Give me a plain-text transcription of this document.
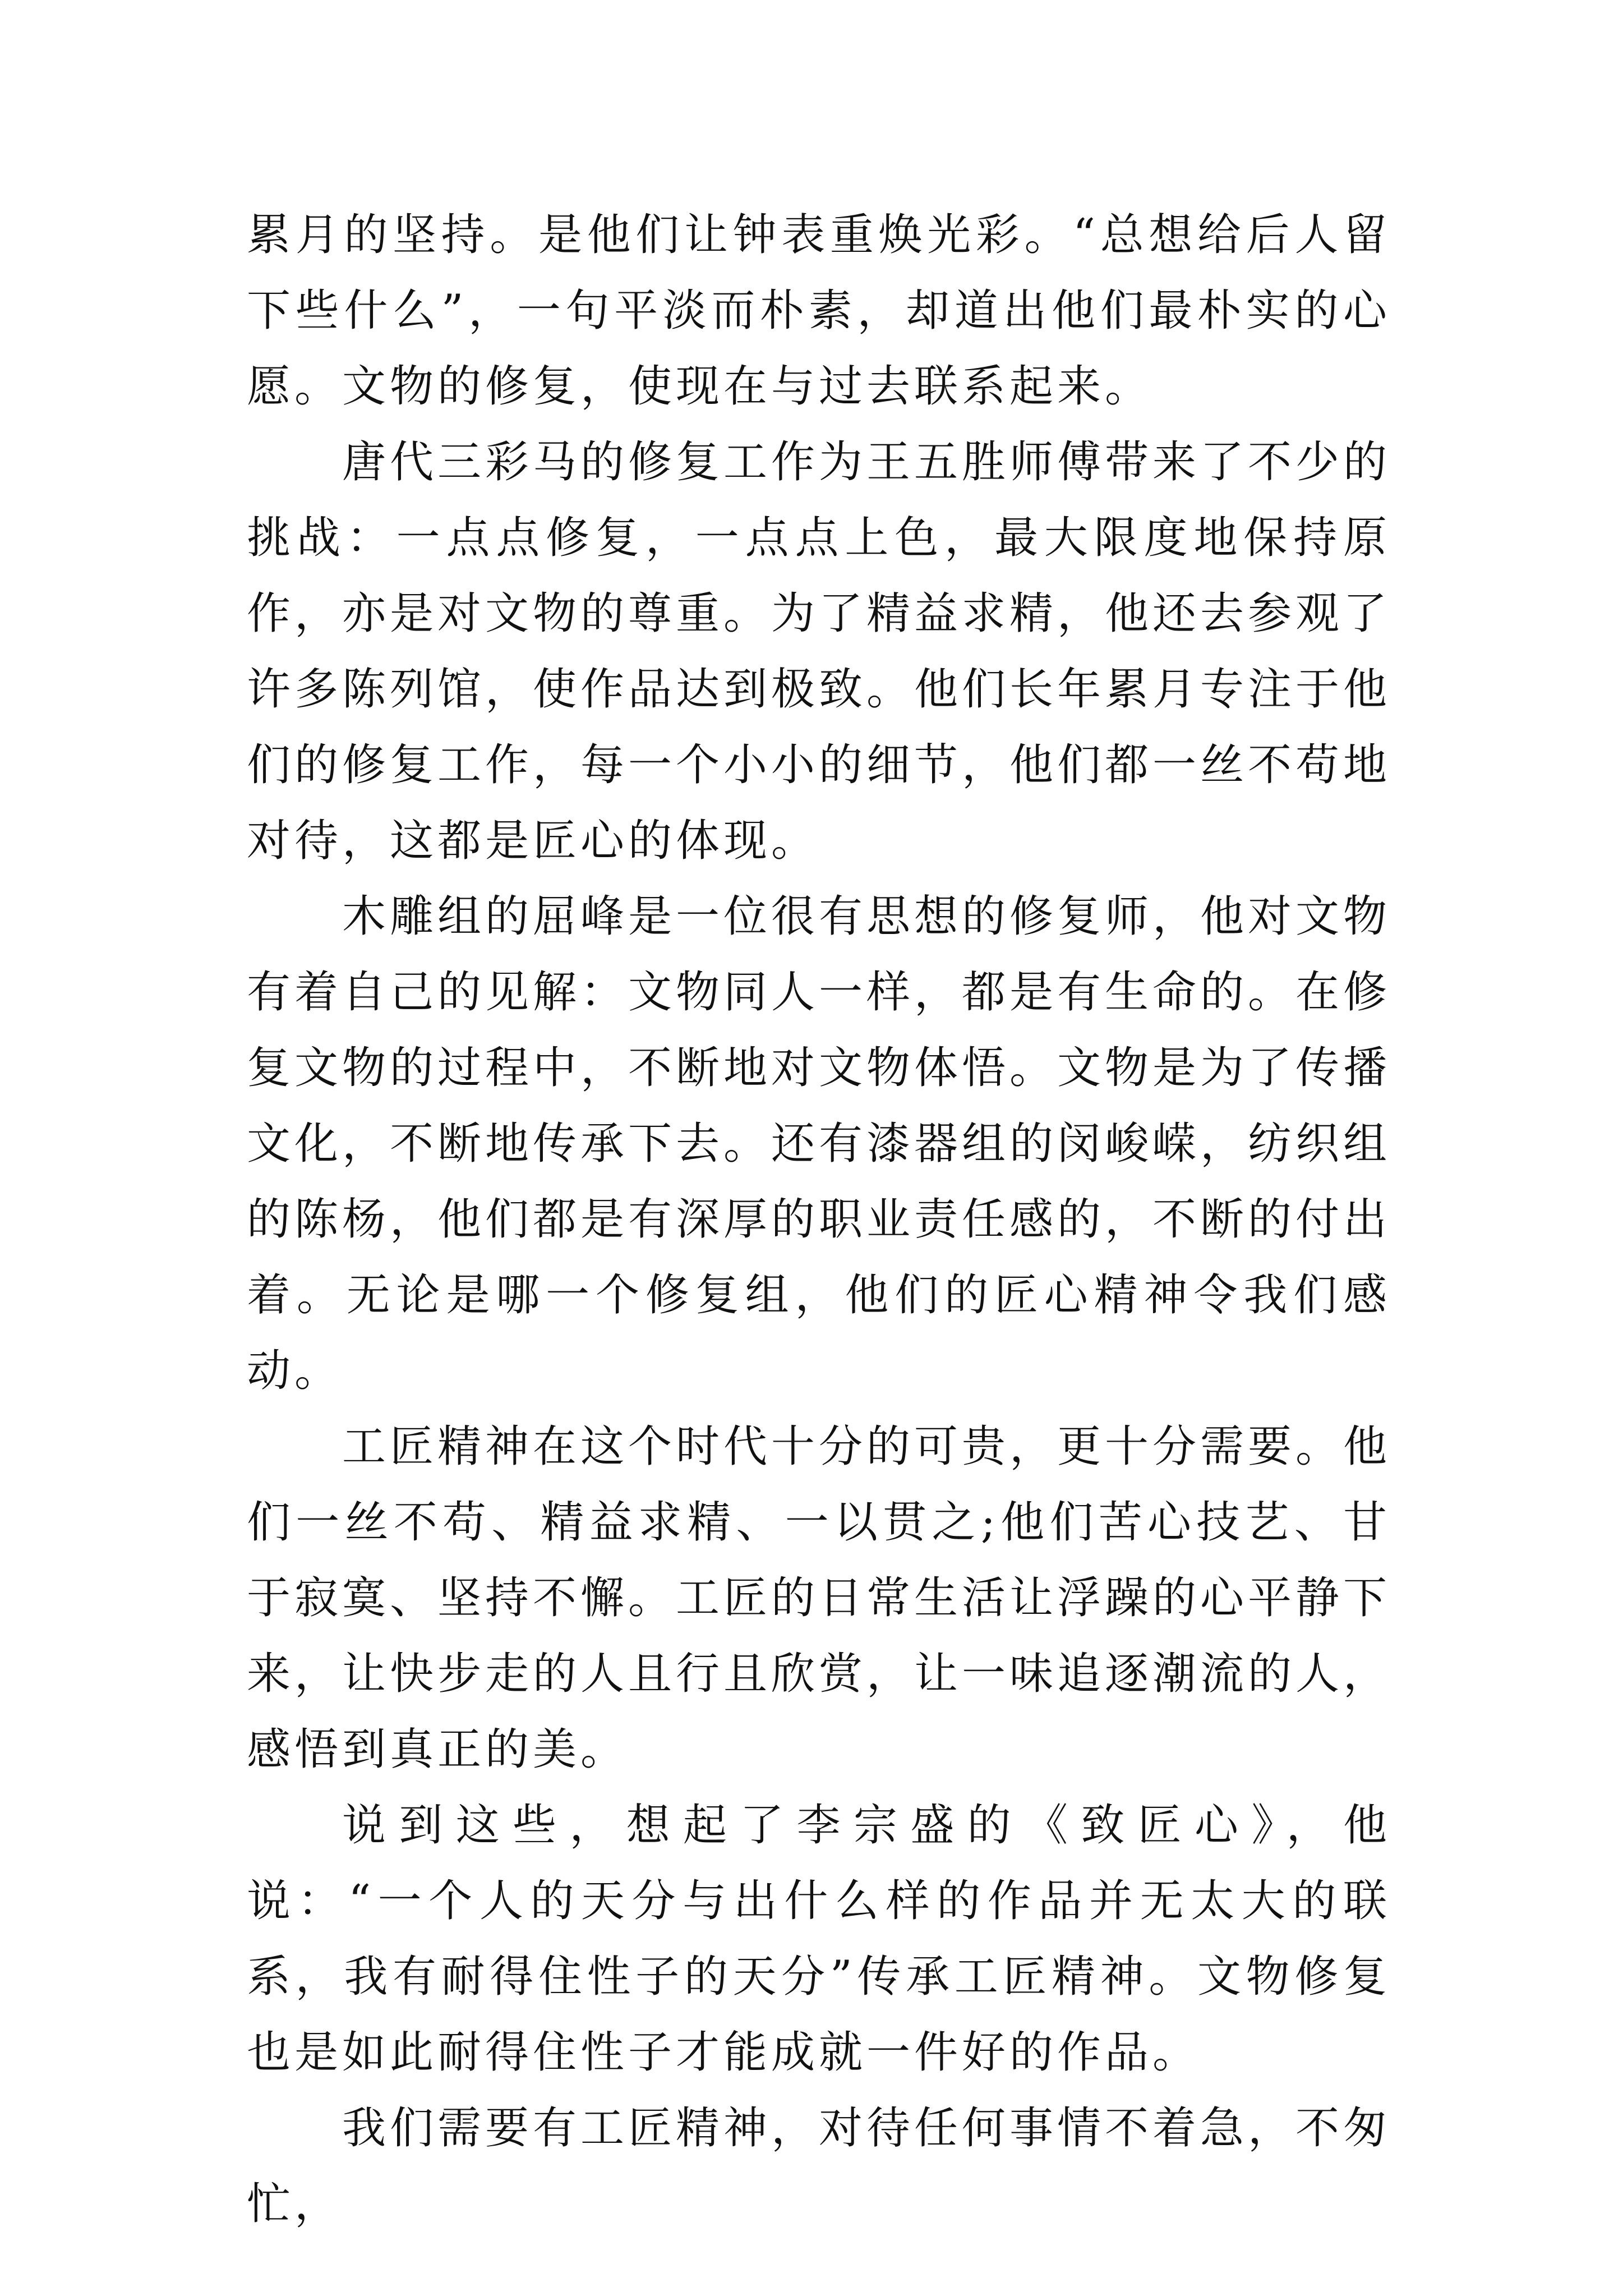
累月的坚持。是他们让钟表重焕光彩。“总想给后人留下些什么”，一句平淡而朴素，却道出他们最朴实的心愿。文物的修复，使现在与过去联系起来。

唐代三彩马的修复工作为王五胜师傅带来了不少的挑战：一点点修复，一点点上色，最大限度地保持原作，亦是对文物的尊重。为了精益求精，他还去参观了许多陈列馆，使作品达到极致。他们长年累月专注于他们的修复工作，每一个小小的细节，他们都一丝不苟地对待，这都是匠心的体现。

木雕组的屈峰是一位很有思想的修复师，他对文物有着自己的见解：文物同人一样，都是有生命的。在修复文物的过程中，不断地对文物体悟。文物是为了传播文化，不断地传承下去。还有漆器组的闵峻嵘，纺织组的陈杨，他们都是有深厚的职业责任感的，不断的付出着。无论是哪一个修复组，他们的匠心精神令我们感动。

工匠精神在这个时代十分的可贵，更十分需要。他们一丝不苟、精益求精、一以贯之;他们苦心技艺、甘于寂寞、坚持不懈。工匠的日常生活让浮躁的心平静下来，让快步走的人且行且欣赏，让一味追逐潮流的人，感悟到真正的美。

说到这些，想起了李宗盛的《致匠心》，他说：“一个人的天分与出什么样的作品并无太大的联系，我有耐得住性子的天分”传承工匠精神。文物修复也是如此耐得住性子才能成就一件好的作品。

我们需要有工匠精神，对待任何事情不着急，不匆忙，
